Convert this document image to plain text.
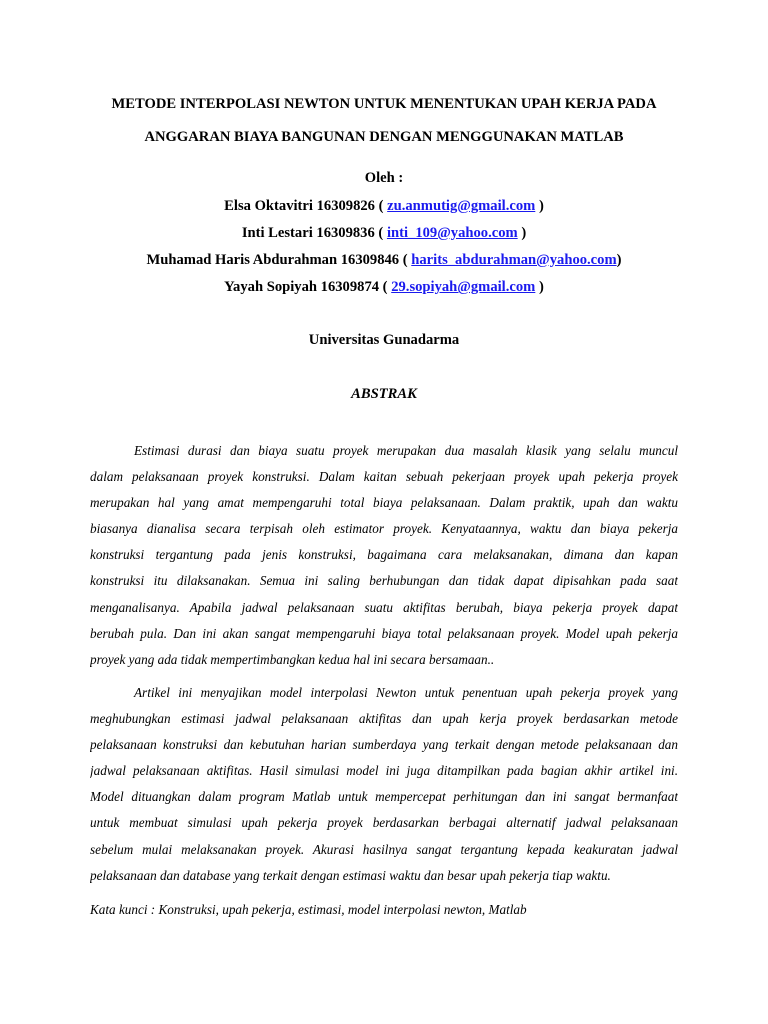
METODE INTERPOLASI NEWTON UNTUK MENENTUKAN UPAH KERJA PADA
ANGGARAN BIAYA BANGUNAN DENGAN MENGGUNAKAN MATLAB
Oleh :
Elsa Oktavitri 16309826 ( zu.anmutig@gmail.com )
Inti Lestari 16309836 ( inti_109@yahoo.com )
Muhamad Haris Abdurahman 16309846 ( harits_abdurahman@yahoo.com)
Yayah Sopiyah 16309874 ( 29.sopiyah@gmail.com )
Universitas Gunadarma
ABSTRAK
Estimasi durasi dan biaya suatu proyek merupakan dua masalah klasik yang selalu muncul
dalam pelaksanaan proyek konstruksi. Dalam kaitan sebuah pekerjaan proyek upah pekerja proyek
merupakan hal yang amat mempengaruhi total biaya pelaksanaan. Dalam praktik, upah dan waktu
biasanya dianalisa secara terpisah oleh estimator proyek. Kenyataannya, waktu dan biaya pekerja
konstruksi tergantung pada jenis konstruksi, bagaimana cara melaksanakan, dimana dan kapan
konstruksi itu dilaksanakan. Semua ini saling berhubungan dan tidak dapat dipisahkan pada saat
menganalisanya. Apabila jadwal pelaksanaan suatu aktifitas berubah, biaya pekerja proyek dapat
berubah pula. Dan ini akan sangat mempengaruhi biaya total pelaksanaan proyek. Model upah pekerja
proyek yang ada tidak mempertimbangkan kedua hal ini secara bersamaan..
Artikel ini menyajikan model interpolasi Newton untuk penentuan upah pekerja proyek yang
meghubungkan estimasi jadwal pelaksanaan aktifitas dan upah kerja proyek berdasarkan metode
pelaksanaan konstruksi dan kebutuhan harian sumberdaya yang terkait dengan metode pelaksanaan dan
jadwal pelaksanaan aktifitas. Hasil simulasi model ini juga ditampilkan pada bagian akhir artikel ini.
Model dituangkan dalam program Matlab untuk mempercepat perhitungan dan ini sangat bermanfaat
untuk membuat simulasi upah pekerja proyek berdasarkan berbagai alternatif jadwal pelaksanaan
sebelum mulai melaksanakan proyek. Akurasi hasilnya sangat tergantung kepada keakuratan jadwal
pelaksanaan dan database yang terkait dengan estimasi waktu dan besar upah pekerja tiap waktu.
Kata kunci : Konstruksi, upah pekerja, estimasi, model interpolasi newton, Matlab
